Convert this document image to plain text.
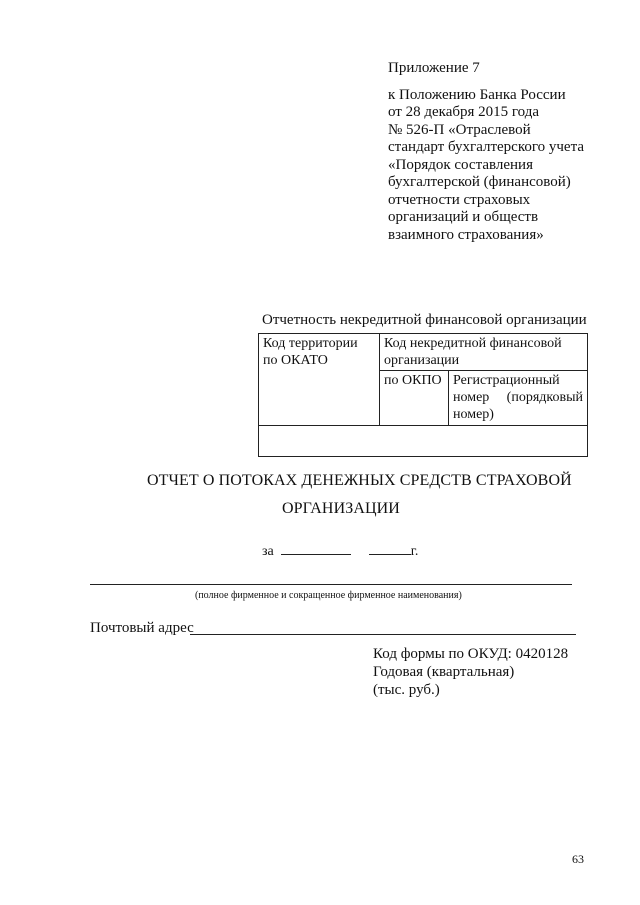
Приложение 7
к Положению Банка России
от 28 декабря 2015 года
№ 526-П «Отраслевой
стандарт бухгалтерского учета
«Порядок составления
бухгалтерской (финансовой)
отчетности страховых
организаций и обществ
взаимного страхования»
Отчетность некредитной финансовой организации
Код территории по ОКАТО	Код некредитной финансовой организации	
	по ОКПО	Регистрационный номер (порядковый номер)

ОТЧЕТ О ПОТОКАХ ДЕНЕЖНЫХ СРЕДСТВ СТРАХОВОЙ
ОРГАНИЗАЦИИ
за	г.
(полное фирменное и сокращенное фирменное наименования)
Почтовый адрес
Код формы по ОКУД: 0420128
Годовая (квартальная)
(тыс. руб.)
63
